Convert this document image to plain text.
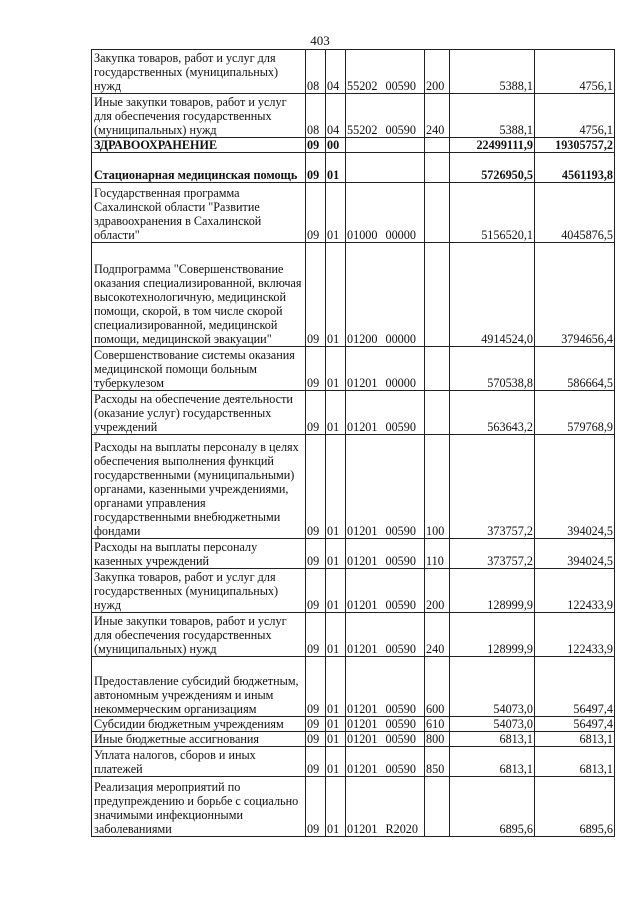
403
Закупка товаров, работ и услуг для государственных (муниципальных) нужд	08	04	55202 00590	200	5388,1	4756,1
Иные закупки товаров, работ и услуг для обеспечения государственных (муниципальных) нужд	08	04	55202 00590	240	5388,1	4756,1
ЗДРАВООХРАНЕНИЕ	09	00			22499111,9	19305757,2
Стационарная медицинская помощь	09	01			5726950,5	4561193,8
Государственная программа Сахалинской области "Развитие здравоохранения в Сахалинской области"	09	01	01000 00000		5156520,1	4045876,5
Подпрограмма "Совершенствование оказания специализированной, включая высокотехнологичную, медицинской помощи, скорой, в том числе скорой специализированной, медицинской помощи, медицинской эвакуации"	09	01	01200 00000		4914524,0	3794656,4
Совершенствование системы оказания медицинской помощи больным туберкулезом	09	01	01201 00000		570538,8	586664,5
Расходы на обеспечение деятельности (оказание услуг) государственных учреждений	09	01	01201 00590		563643,2	579768,9
Расходы на выплаты персоналу в целях обеспечения выполнения функций государственными (муниципальными) органами, казенными учреждениями, органами управления государственными внебюджетными фондами	09	01	01201 00590	100	373757,2	394024,5
Расходы на выплаты персоналу казенных учреждений	09	01	01201 00590	110	373757,2	394024,5
Закупка товаров, работ и услуг для государственных (муниципальных) нужд	09	01	01201 00590	200	128999,9	122433,9
Иные закупки товаров, работ и услуг для обеспечения государственных (муниципальных) нужд	09	01	01201 00590	240	128999,9	122433,9
Предоставление субсидий бюджетным, автономным учреждениям и иным некоммерческим организациям	09	01	01201 00590	600	54073,0	56497,4
Субсидии бюджетным учреждениям	09	01	01201 00590	610	54073,0	56497,4
Иные бюджетные ассигнования	09	01	01201 00590	800	6813,1	6813,1
Уплата налогов, сборов и иных платежей	09	01	01201 00590	850	6813,1	6813,1
Реализация мероприятий по предупреждению и борьбе с социально значимыми инфекционными заболеваниями	09	01	01201 R2020		6895,6	6895,6
